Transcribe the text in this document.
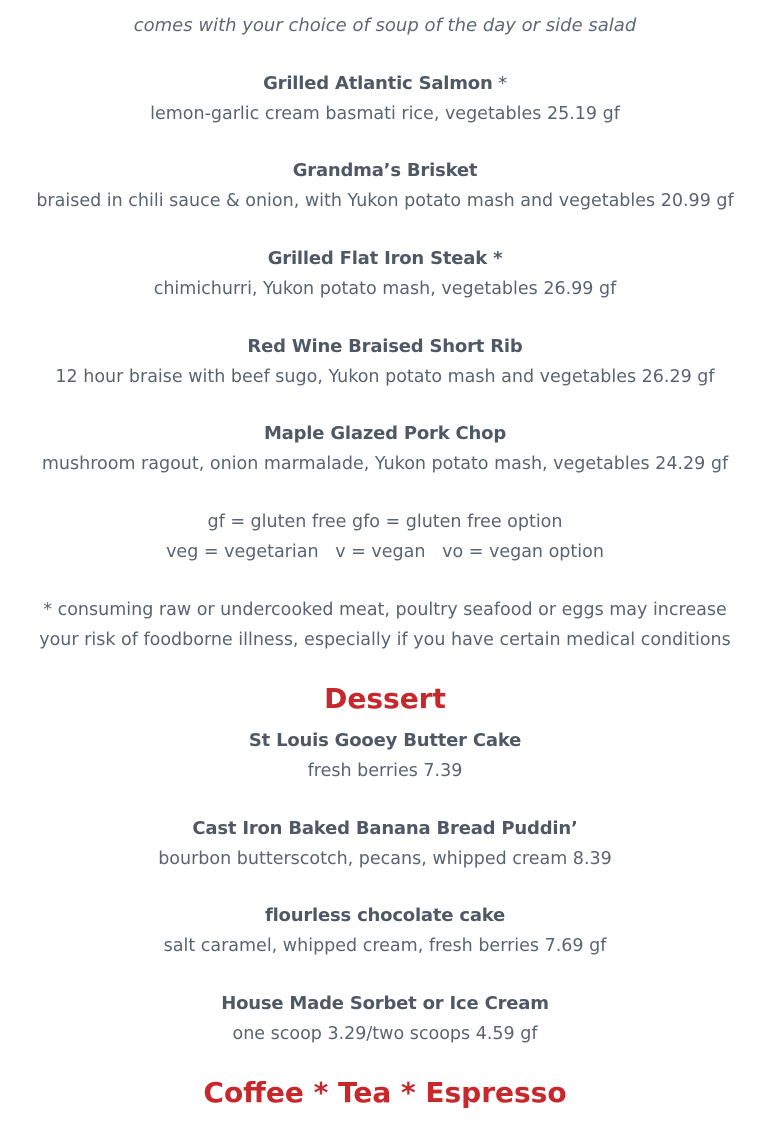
comes with your choice of soup of the day or side salad
Grilled Atlantic Salmon *
lemon-garlic cream basmati rice, vegetables 25.19 gf
Grandma’s Brisket
braised in chili sauce & onion, with Yukon potato mash and vegetables 20.99 gf
Grilled Flat Iron Steak *
chimichurri, Yukon potato mash, vegetables 26.99 gf
Red Wine Braised Short Rib
12 hour braise with beef sugo, Yukon potato mash and vegetables 26.29 gf
Maple Glazed Pork Chop
mushroom ragout, onion marmalade, Yukon potato mash, vegetables 24.29 gf
gf = gluten free gfo = gluten free option
veg = vegetarian   v = vegan   vo = vegan option
* consuming raw or undercooked meat, poultry seafood or eggs may increase
your risk of foodborne illness, especially if you have certain medical conditions
Dessert
St Louis Gooey Butter Cake
fresh berries 7.39
Cast Iron Baked Banana Bread Puddin’
bourbon butterscotch, pecans, whipped cream 8.39
flourless chocolate cake
salt caramel, whipped cream, fresh berries 7.69 gf
House Made Sorbet or Ice Cream
one scoop 3.29/two scoops 4.59 gf
Coffee * Tea * Espresso
